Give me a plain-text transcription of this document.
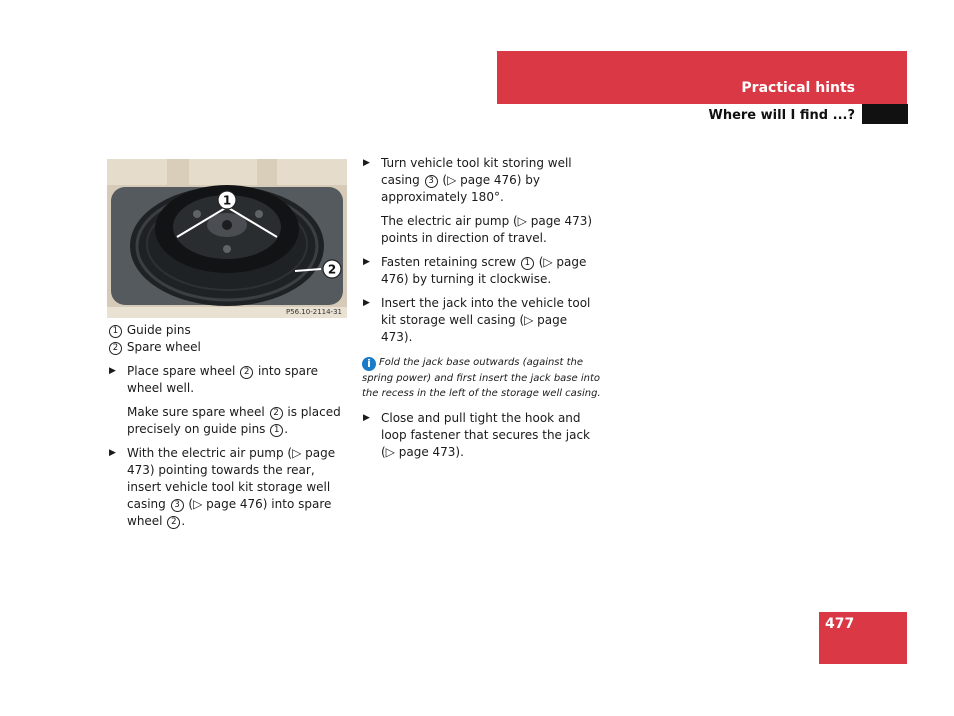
Practical hints
Where will I find ...?
1
2
P56.10-2114-31

1 Guide pins

2 Spare wheel

▶ Place spare wheel 2 into spare wheel well.

Make sure spare wheel 2 is placed precisely on guide pins 1 .

▶ With the electric air pump (▷ page 473) pointing towards the rear, insert vehicle tool kit storage well casing 3 (▷ page 476) into spare wheel 2 .

▶ Turn vehicle tool kit storing well casing 3 (▷ page 476) by approximately 180°.

The electric air pump (▷ page 473) points in direction of travel.

▶ Fasten retaining screw 1 (▷ page 476) by turning it clockwise.

▶ Insert the jack into the vehicle tool kit storage well casing (▷ page 473).

i Fold the jack base outwards (against the spring power) and first insert the jack base into the recess in the left of the storage well casing.

▶ Close and pull tight the hook and loop fastener that secures the jack (▷ page 473).

477
